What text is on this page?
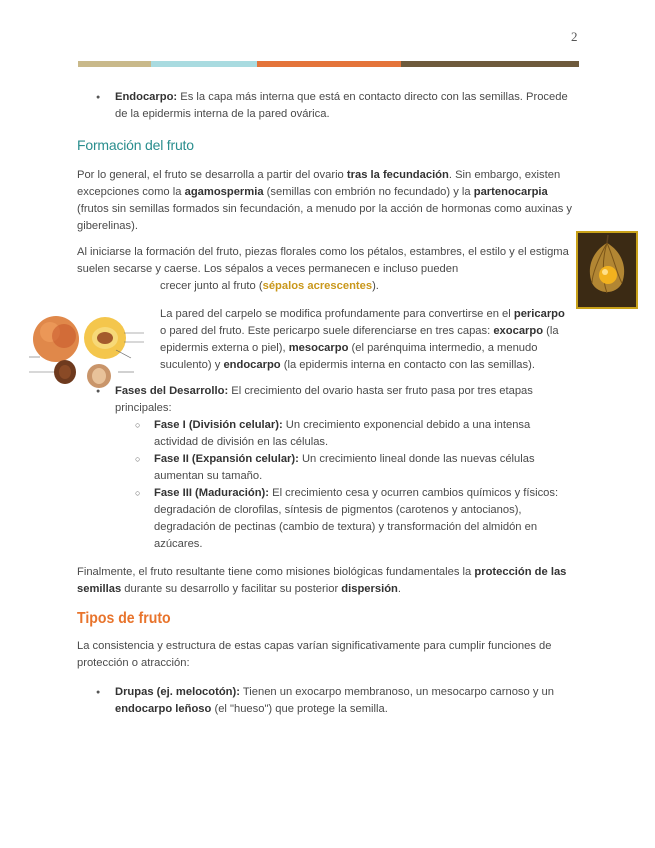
2
● Endocarpo: Es la capa más interna que está en contacto directo con las semillas. Procede de la epidermis interna de la pared ovárica.
Formación del fruto

Por lo general, el fruto se desarrolla a partir del ovario tras la fecundación. Sin embargo, existen excepciones como la agamospermia (semillas con embrión no fecundado) y la partenocarpia (frutos sin semillas formados sin fecundación, a menudo por la acción de hormonas como auxinas y giberelinas).

Al iniciarse la formación del fruto, piezas florales como los pétalos, estambres, el estilo y el estigma suelen secarse y caerse. Los sépalos a veces permanecen e incluso pueden

crecer junto al fruto (sépalos acrescentes).

La pared del carpelo se modifica profundamente para convertirse en el pericarpo o pared del fruto. Este pericarpo suele diferenciarse en tres capas: exocarpo (la epidermis externa o piel), mesocarpo (el parénquima intermedio, a menudo suculento) y endocarpo (la epidermis interna en contacto con las semillas).

● Fases del Desarrollo: El crecimiento del ovario hasta ser fruto pasa por tres etapas principales:
○ Fase I (División celular): Un crecimiento exponencial debido a una intensa actividad de división en las células.
○ Fase II (Expansión celular): Un crecimiento lineal donde las nuevas células aumentan su tamaño.
○ Fase III (Maduración): El crecimiento cesa y ocurren cambios químicos y físicos: degradación de clorofilas, síntesis de pigmentos (carotenos y antocianos), degradación de pectinas (cambio de textura) y transformación del almidón en azúcares.

Finalmente, el fruto resultante tiene como misiones biológicas fundamentales la protección de las semillas durante su desarrollo y facilitar su posterior dispersión.

Tipos de fruto

La consistencia y estructura de estas capas varían significativamente para cumplir funciones de protección o atracción:

● Drupas (ej. melocotón): Tienen un exocarpo membranoso, un mesocarpo carnoso y un endocarpo leñoso (el "hueso") que protege la semilla.
